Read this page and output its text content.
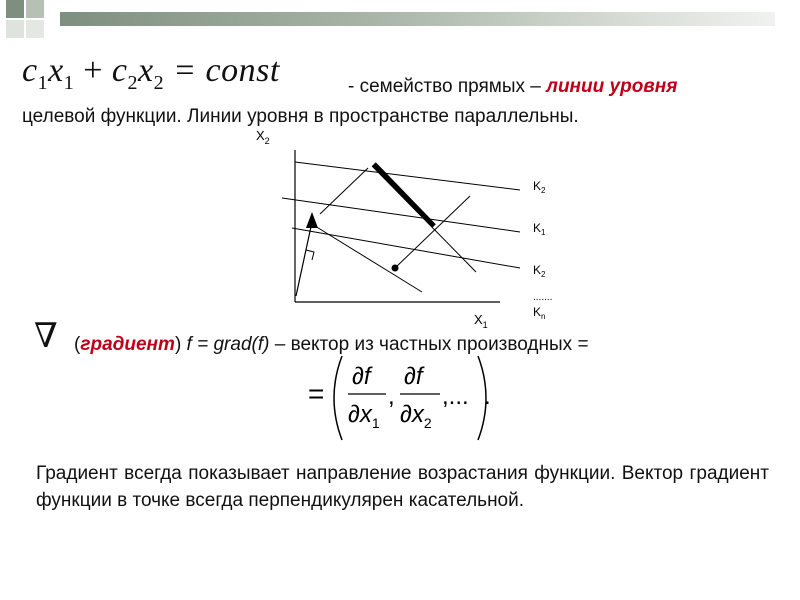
$c_1x_1 + c_2x_2$ = const	- семейство прямых – линии уровня
целевой функции. Линии уровня в пространстве параллельны.
$X_2$
$X_1$
$K_2$
$K_1$
$K_2$
.......
$K_n$
∇ (градиент) f = grad(f) – вектор из частных производных =
=
∂f
$\partial x_1$
,
∂f
$\partial x_2$
,... .
Градиент всегда показывает направление возрастания функции. Вектор градиент функции в точке всегда перпендикулярен касательной.
